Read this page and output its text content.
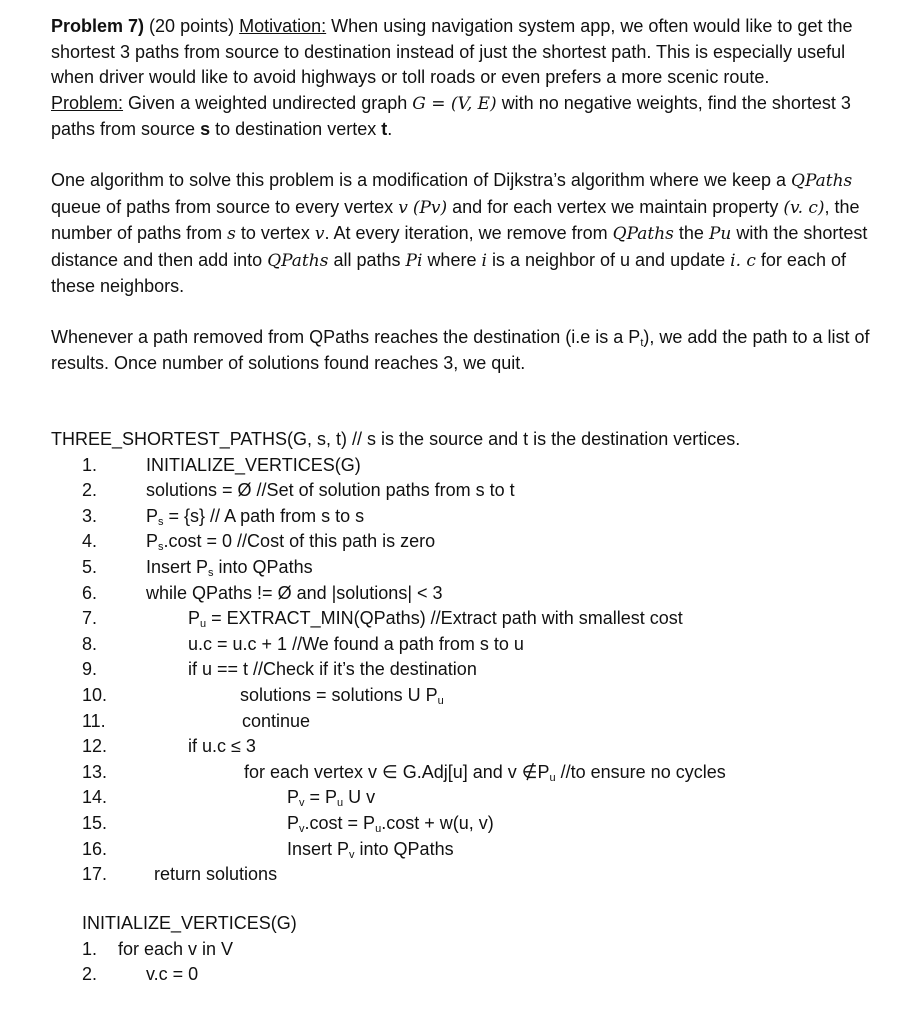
Problem 7) (20 points) Motivation: When using navigation system app, we often would like to get the shortest 3 paths from source to destination instead of just the shortest path. This is especially useful when driver would like to avoid highways or toll roads or even prefers a more scenic route.
Problem: Given a weighted undirected graph G = (V, E) with no negative weights, find the shortest 3 paths from source s to destination vertex t.

One algorithm to solve this problem is a modification of Dijkstra’s algorithm where we keep a QPaths queue of paths from source to every vertex v (Pv) and for each vertex we maintain property (v. c), the number of paths from s to vertex v. At every iteration, we remove from QPaths the Pu with the shortest distance and then add into QPaths all paths Pi where i is a neighbor of u and update i. c for each of these neighbors.

Whenever a path removed from QPaths reaches the destination (i.e is a $P_t$), we add the path to a list of results. Once number of solutions found reaches 3, we quit.

THREE_SHORTEST_PATHS(G, s, t) // s is the source and t is the destination vertices.
1.	INITIALIZE_VERTICES(G)
2.	solutions = Ø //Set of solution paths from s to t
3.	$P_s = \{s\} // A$ path from s to s
4.	$P_s.\cos t = 0$ //Cost of this path is zero
5.	Insert $P_s$ into QPaths
6.	while QPaths != Ø and |solutions| < 3
7.	$P_u$ = EXTRACT_MIN(QPaths) //Extract path with smallest cost
8.	u.c = u.c + 1 //We found a path from s to u
9.	if u == t //Check if it’s the destination
10.	solutions = solutions U $P_u$
11.	continue
12.	if u.c ≤ 3
13.	for each vertex v ∈ G.Adj[u] and v $\notin P_u$ //to ensure no cycles
14.	$P_v = P_u$ U v
15.	$P_v.\cos t = P_u.\cos t + w(u$, v)
16.	Insert $P_v$ into QPaths
17.	return solutions
INITIALIZE_VERTICES(G)
1. for each v in V
2.	v.c = 0
